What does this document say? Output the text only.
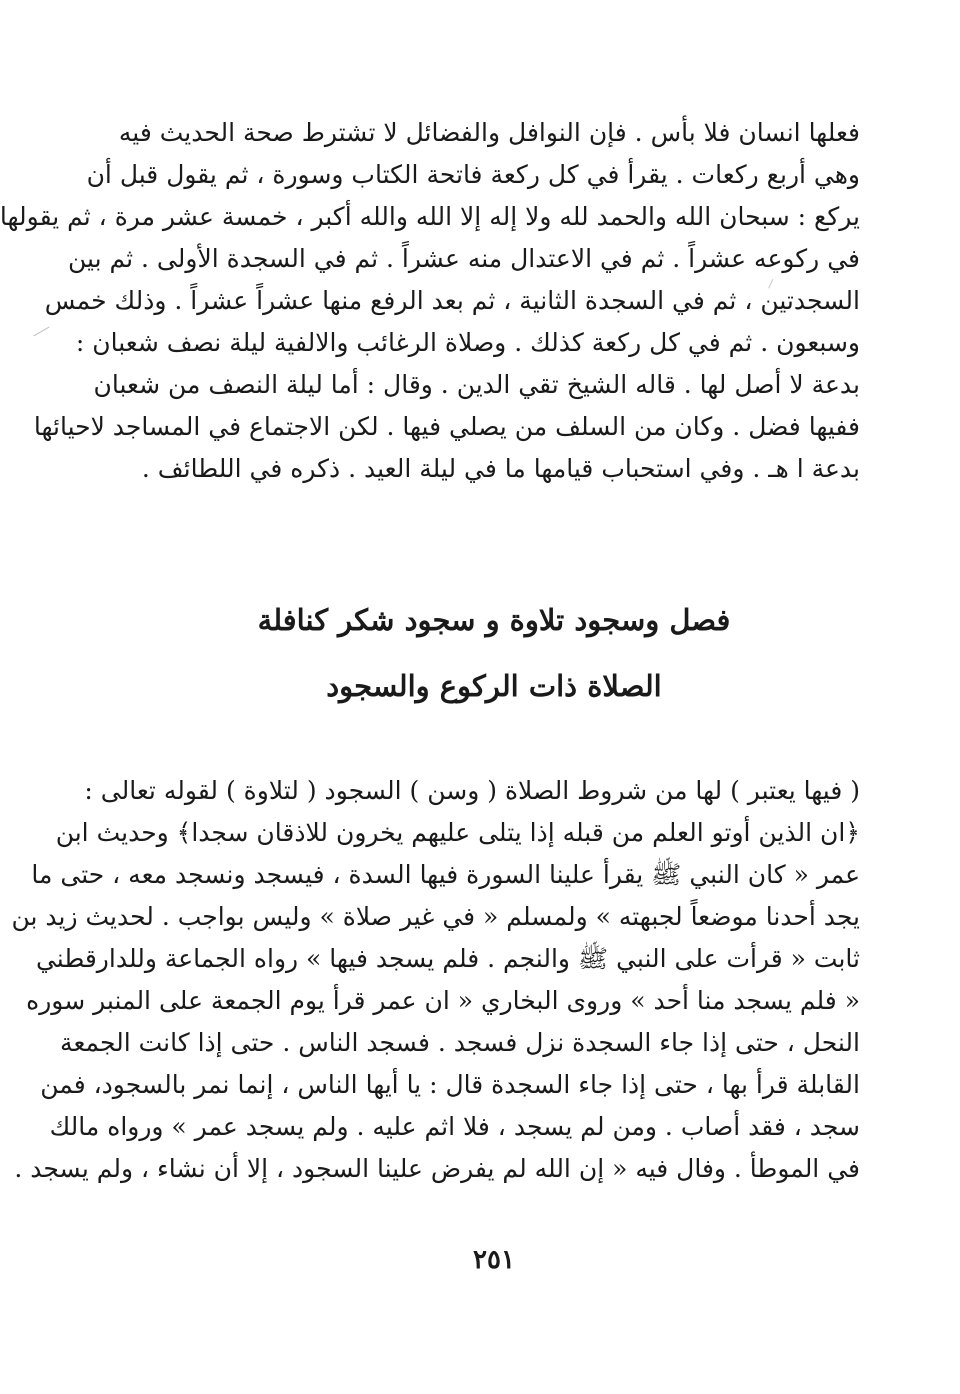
فعلها انسان فلا بأس . فإن النوافل والفضائل لا تشترط صحة الحديث فيه
وهي أربع ركعات . يقرأ في كل ركعة فاتحة الكتاب وسورة ، ثم يقول قبل أن
يركع : سبحان الله والحمد لله ولا إله إلا الله والله أكبر ، خمسة عشر مرة ، ثم يقولها
في ركوعه عشراً . ثم في الاعتدال منه عشراً . ثم في السجدة الأولى . ثم بين
السجدتين ، ثم في السجدة الثانية ، ثم بعد الرفع منها عشراً عشراً . وذلك خمس
وسبعون . ثم في كل ركعة كذلك . وصلاة الرغائب والالفية ليلة نصف شعبان :
بدعة لا أصل لها . قاله الشيخ تقي الدين . وقال : أما ليلة النصف من شعبان
ففيها فضل . وكان من السلف من يصلي فيها . لكن الاجتماع في المساجد لاحيائها
بدعة ا هـ . وفي استحباب قيامها ما في ليلة العيد . ذكره في اللطائف .
فصل وسجود تلاوة و سجود شكر كنافلة
الصلاة ذات الركوع والسجود
( فيها يعتبر ) لها من شروط الصلاة ( وسن ) السجود ( لتلاوة ) لقوله تعالى :
﴿ان الذين أوتو العلم من قبله إذا يتلى عليهم يخرون للاذقان سجدا﴾ وحديث ابن
عمر « كان النبي ﷺ يقرأ علينا السورة فيها السدة ، فيسجد ونسجد معه ، حتى ما
يجد أحدنا موضعاً لجبهته » ولمسلم « في غير صلاة » وليس بواجب . لحديث زيد بن
ثابت « قرأت على النبي ﷺ والنجم . فلم يسجد فيها » رواه الجماعة وللدارقطني
« فلم يسجد منا أحد » وروى البخاري « ان عمر قرأ يوم الجمعة على المنبر سوره
النحل ، حتى إذا جاء السجدة نزل فسجد . فسجد الناس . حتى إذا كانت الجمعة
القابلة قرأ بها ، حتى إذا جاء السجدة قال : يا أيها الناس ، إنما نمر بالسجود، فمن
سجد ، فقد أصاب . ومن لم يسجد ، فلا اثم عليه . ولم يسجد عمر » ورواه مالك
في الموطأ . وفال فيه « إن الله لم يفرض علينا السجود ، إلا أن نشاء ، ولم يسجد .
٢٥١
